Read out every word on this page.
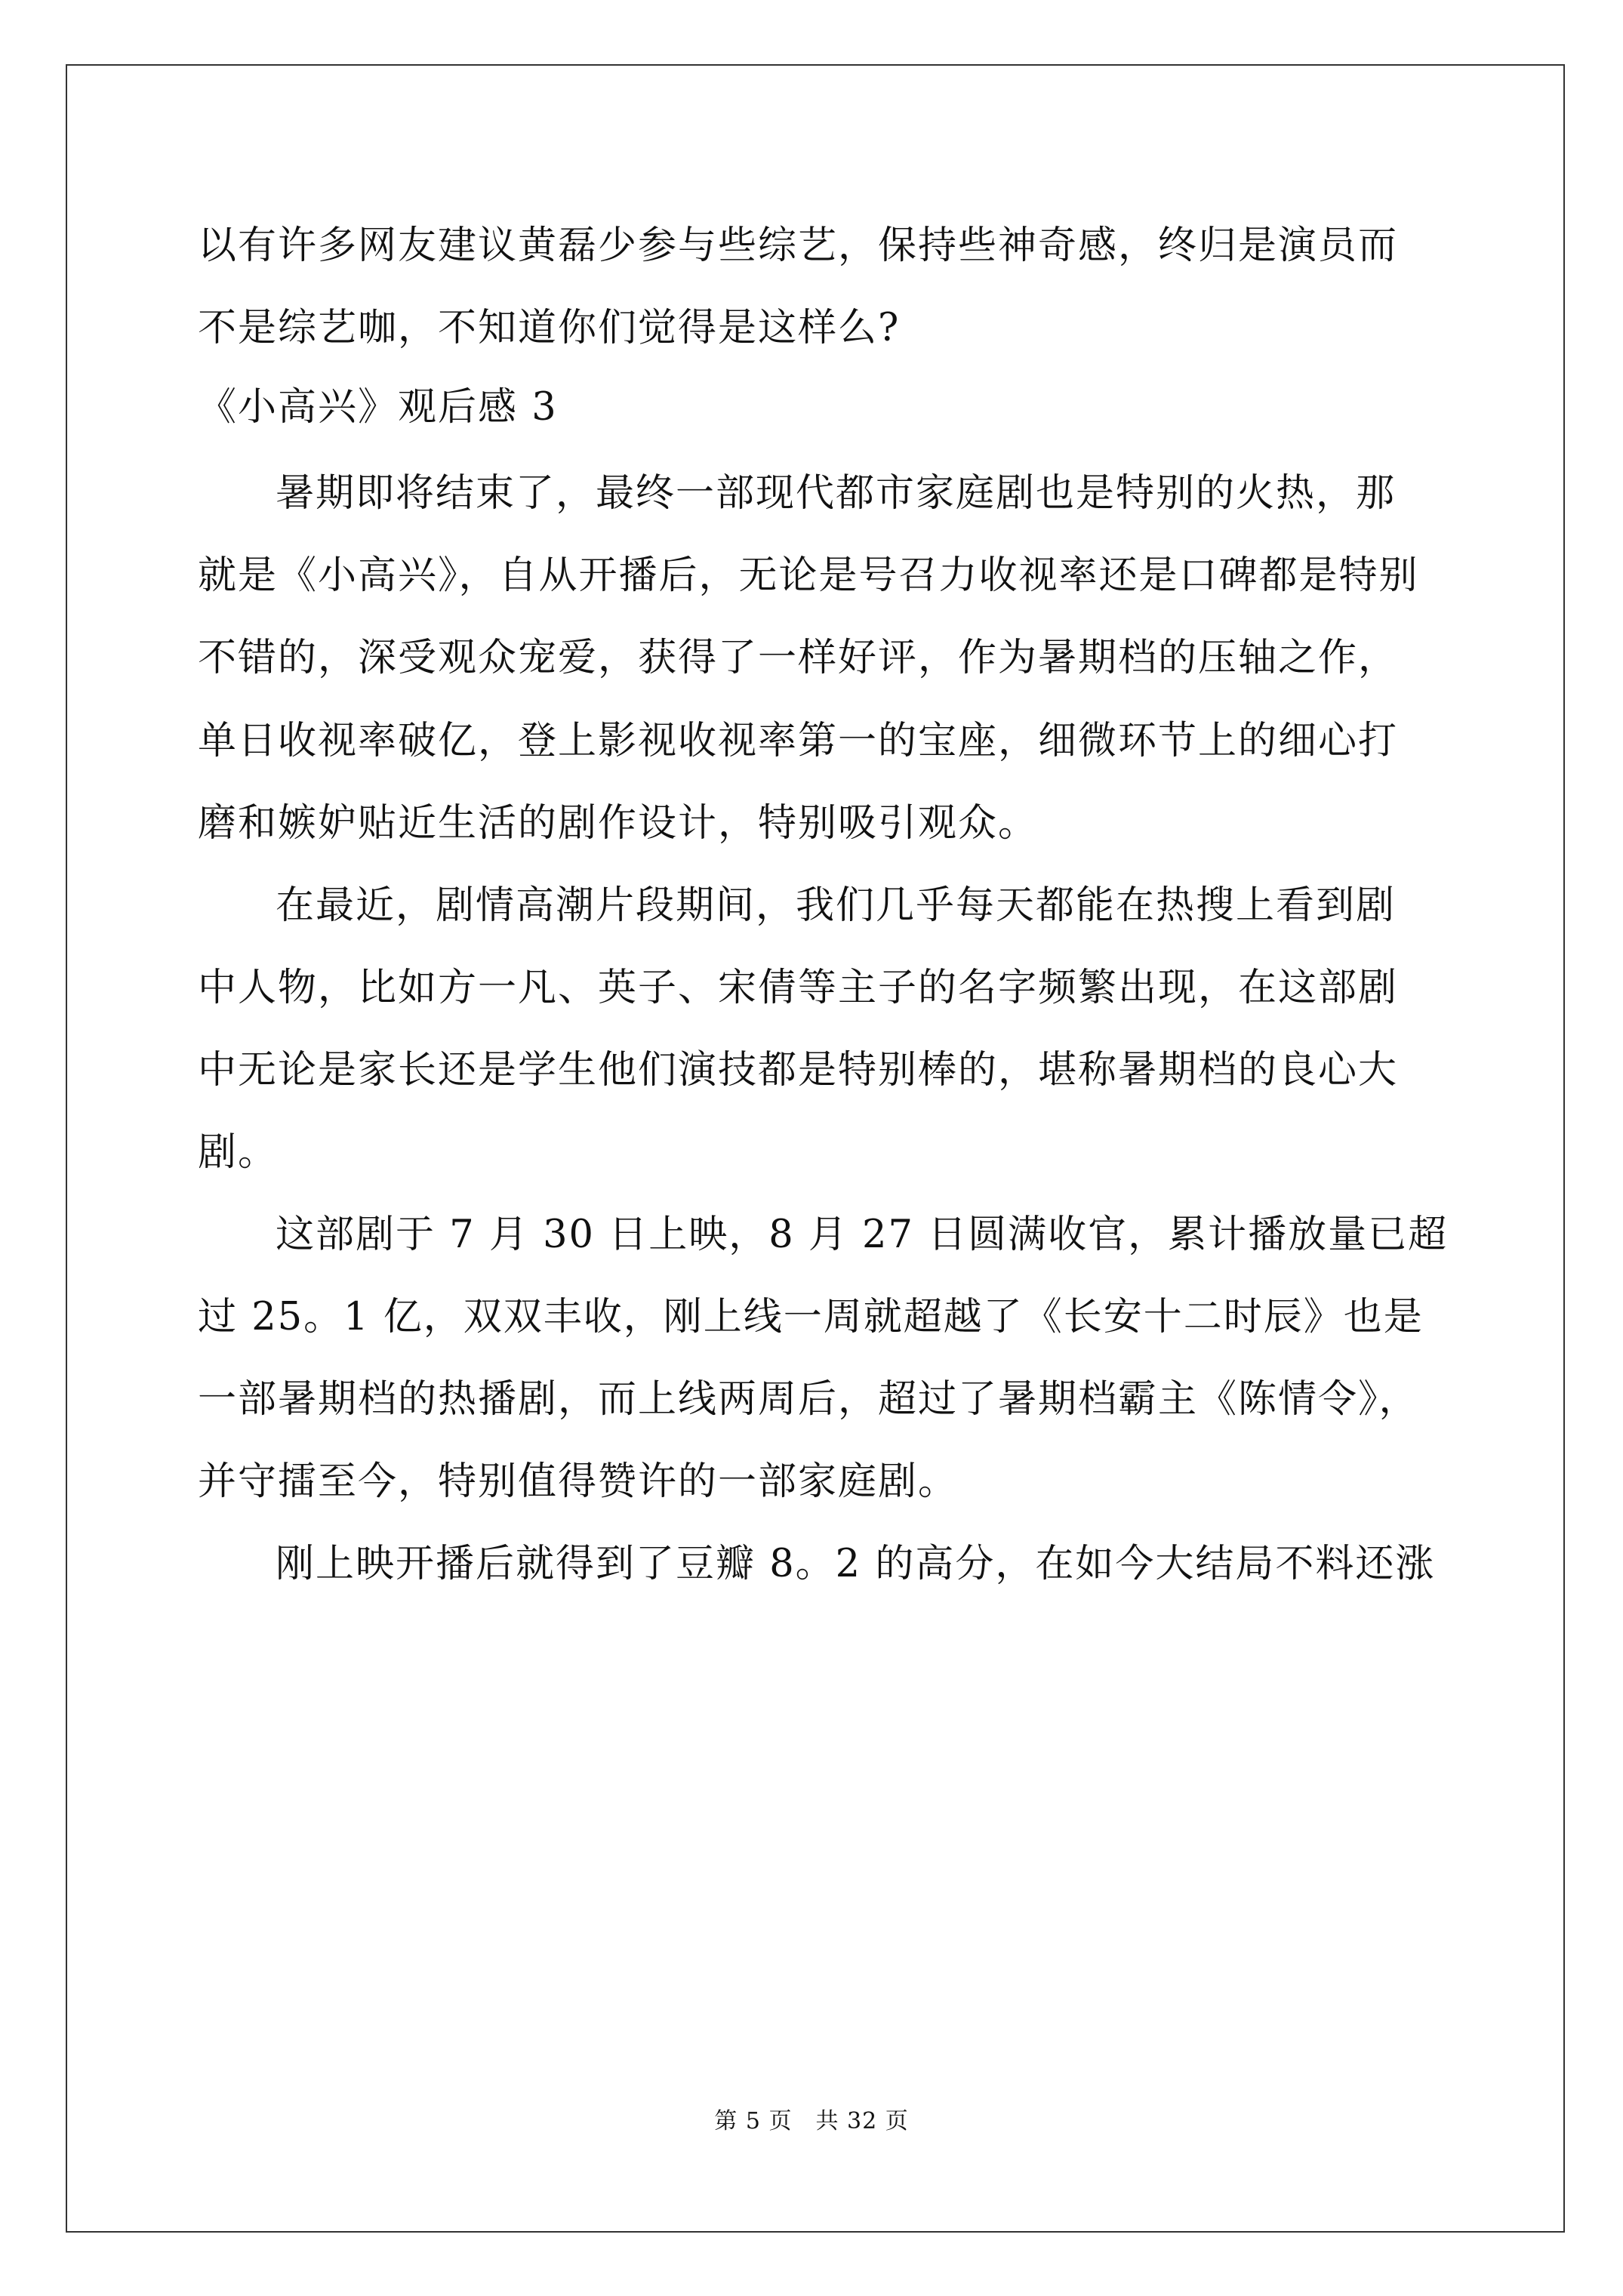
以有许多网友建议黄磊少参与些综艺，保持些神奇感，终归是演员而
不是综艺咖，不知道你们觉得是这样么?
《小高兴》观后感 3
暑期即将结束了，最终一部现代都市家庭剧也是特别的火热，那
就是《小高兴》，自从开播后，无论是号召力收视率还是口碑都是特别
不错的，深受观众宠爱，获得了一样好评，作为暑期档的压轴之作，
单日收视率破亿，登上影视收视率第一的宝座，细微环节上的细心打
磨和嫉妒贴近生活的剧作设计，特别吸引观众。
在最近，剧情高潮片段期间，我们几乎每天都能在热搜上看到剧
中人物，比如方一凡、英子、宋倩等主子的名字频繁出现，在这部剧
中无论是家长还是学生他们演技都是特别棒的，堪称暑期档的良心大
剧。
这部剧于 7 月 30 日上映，8 月 27 日圆满收官，累计播放量已超
过 25。1 亿，双双丰收，刚上线一周就超越了《长安十二时辰》也是
一部暑期档的热播剧，而上线两周后，超过了暑期档霸主《陈情令》，
并守擂至今，特别值得赞许的一部家庭剧。
刚上映开播后就得到了豆瓣 8。2 的高分，在如今大结局不料还涨
第 5 页　共 32 页
